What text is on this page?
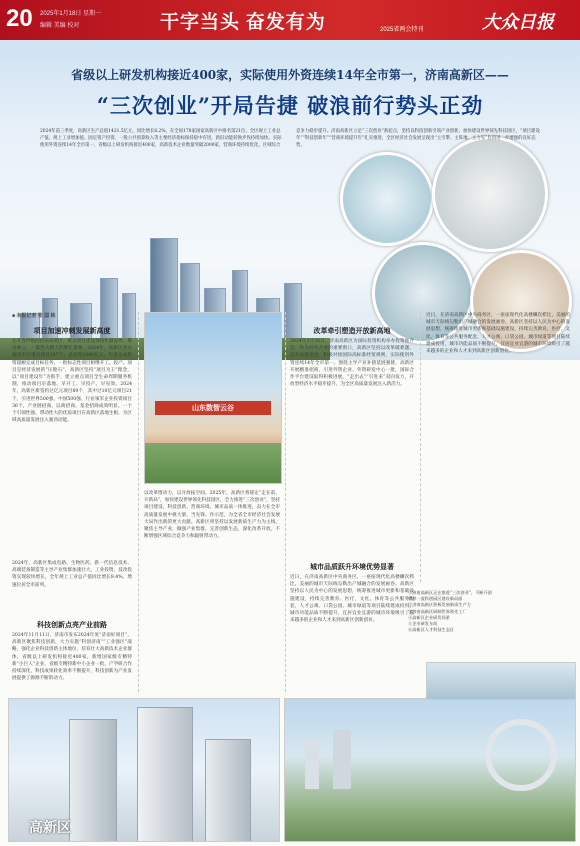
20	2025年1月18日 星期一
编辑 美编 校对	干字当头 奋发有为	2025省两会特刊	大众日报
省级以上研发机构接近400家，实际使用外资连续14年全市第一，济南高新区——
“三次创业”开局告捷 破浪前行势头正劲
2024年前三季度，高新区生产总值1421.5亿元，同比增长6.2%，在全国178家国家高新区中排名第21位。全区规上工业总产值、规上工业增加值、固定资产投资、一般公共预算收入等主要经济指标保持稳中有进，新旧动能转换步伐持续加快。实际使用外资连续14年全市第一，省级以上研发机构接近400家，高新技术企业数量突破2000家，营商环境持续优化，区域综合竞争力稳步提升。济南高新区立足“三次创业”新起点，坚持以科技创新引领产业创新，加快建设世界领先科技园区，“项目建设年”“科技创新年”“营商环境提升年”扎实推进，全区经济社会发展呈现出“主引擎、主阵地、主力军”作用进一步增强的良好态势。
■ 本报记者 张 国 栋
项目加速冲刺发展新高度
在开春伊始的济南高新区，重点项目建设现场机器轰鸣、塔吊林立，一派热火朝天的繁忙景象。2024年，高新区共实施省市区重点项目187个，总投资2080亿元，年度完成投资超额完成目标任务，一批标志性项目相继开工、投产。项目是经济发展的“压舱石”，高新区坚持“项目为王”理念，以“项目建设年”为抓手，建立重点项目全生命周期服务机制，推动项目早落地、早开工、早投产、早见效。2024年，高新区新签约过亿元项目89个，其中过10亿元项目21个，引进世界500强、中国500强、行业领军企业投资项目36个，产业链招商、以商招商、基金招商成效明显。一个个引领性强、带动性大的优质项目在高新区落地生根，为区域高质量发展注入强劲动能。
2024年，高新区集成电路、生物医药、新一代信息技术、高端装备制造等主导产业集群加速壮大，工业投资、技改投资实现较快增长，全年规上工业总产值同比增长8.4%，增速位居全市前列。
科技创新点亮产业前路
2024年11月11日，济南市发布2024年度“济南好项目”。高新区聚焦科技创新，大力实施“科创济南”“工业强区”战略，强化企业科技创新主体地位，培育壮大高新技术企业群体，省级以上研发机构接近400家，新增国家级专精特新“小巨人”企业、省级专精特新中小企业一批，产学研合作持续深化，科技成果转化效率不断提升，科技创新为产业发展提供了源源不断的动力。
山东数智云谷
以改革增动力，以开放拓空间。2025年，高新区将锚定“走在前、开新局”，加快建设世界领先科技园区，全力推进“三次创业”，坚持项目建设、科技创新、营商环境、城市品质一体推进，奋力在全市高质量发展中挑大梁、当先锋、作示范，为全省全市经济社会发展大局作出新的更大贡献。高新区将坚持以发展新质生产力为主线，聚焦主导产业，做强产业集群，完善创新生态，深化改革开放，不断增强区域综合竞争力和辐射带动力。
改革牵引塑造开放新高地
2024年3月26日，济南高新区为国际投资机构举办投资推介会。作为对外开放的重要窗口，高新区坚持以改革破难题、以开放促发展，积极对接国际高标准经贸规则，实际使用外资连续14年全市第一。围绕主导产业补链延链强链，高新区开展精准招商，引进外资企业、外资研发中心一批，国际合作平台建设取得积极进展，“走出去”“引进来”双向发力，开放型经济水平稳步提升，为全区高质量发展注入新活力。
城市品质跃升环境优势显著
近日，在济南高新区中央商务区，一座座现代化高楼鳞次栉比，美丽的城市天际线勾勒出产城融合的发展画卷。高新区坚持以人民为中心的发展思想，统筹推进城市更新和基础设施建设，持续完善教育、医疗、文化、体育等公共服务配套，人才公寓、口袋公园、城市绿道等项目陆续建成投用，城市功能品质不断提升，宜居宜业宜游的城市环境吸引了越来越多的企业和人才来到高新区创新创业。
近日，在济南高新区中央商务区，一座座现代化高楼鳞次栉比，美丽的城市天际线勾勒出产城融合的发展画卷。高新区坚持以人民为中心的发展思想，统筹推进城市更新和基础设施建设，持续完善教育、医疗、文化、体育等公共服务配套，人才公寓、口袋公园、城市绿道等项目陆续建成投用，城市功能品质不断提升，宜居宜业宜游的城市环境吸引了越来越多的企业和人才来到高新区创新创业。
①济南高新区正在推进“三次创业”，不断开创
世界一流科创园区建设新局面
②济南高新区积极发展新质生产力
③济南高新区研制世界领先工厂
④高新区企业研发场景
⑤企业研发车间
⑥高新区人才科技生态区
高新区
